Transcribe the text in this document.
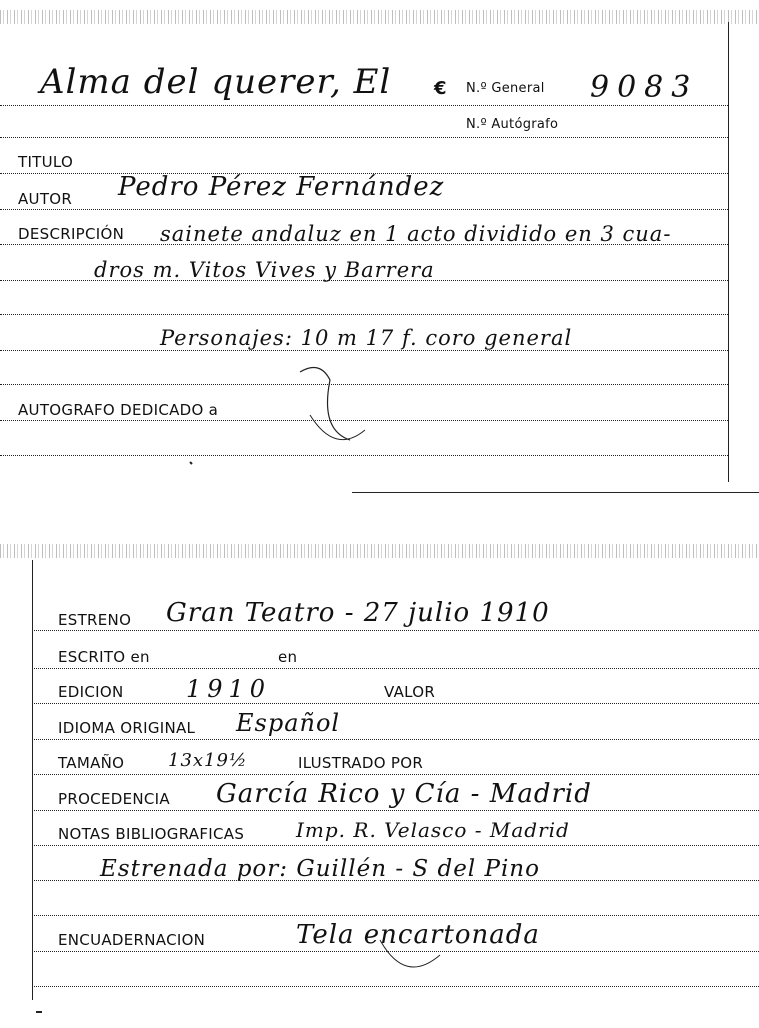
Alma del querer, El € N.º General 9083
N.º Autógrafo
TITULO
AUTOR Pedro Pérez Fernández
DESCRIPCIÓN sainete andaluz en 1 acto dividido en 3 cua-
dros m. Vitos Vives y Barrera
Personajes: 10 m 17 f. coro general
AUTOGRAFO DEDICADO a
ESTRENO Gran Teatro - 27 julio 1910
ESCRITO en	en
EDICION	1910	VALOR
IDIOMA ORIGINAL Español
TAMAÑO 13x19½	ILUSTRADO POR
PROCEDENCIA García Rico y Cía - Madrid
NOTAS BIBLIOGRAFICAS	Imp. R. Velasco - Madrid
Estrenada por: Guillén - S del Pino
ENCUADERNACION	Tela encartonada
